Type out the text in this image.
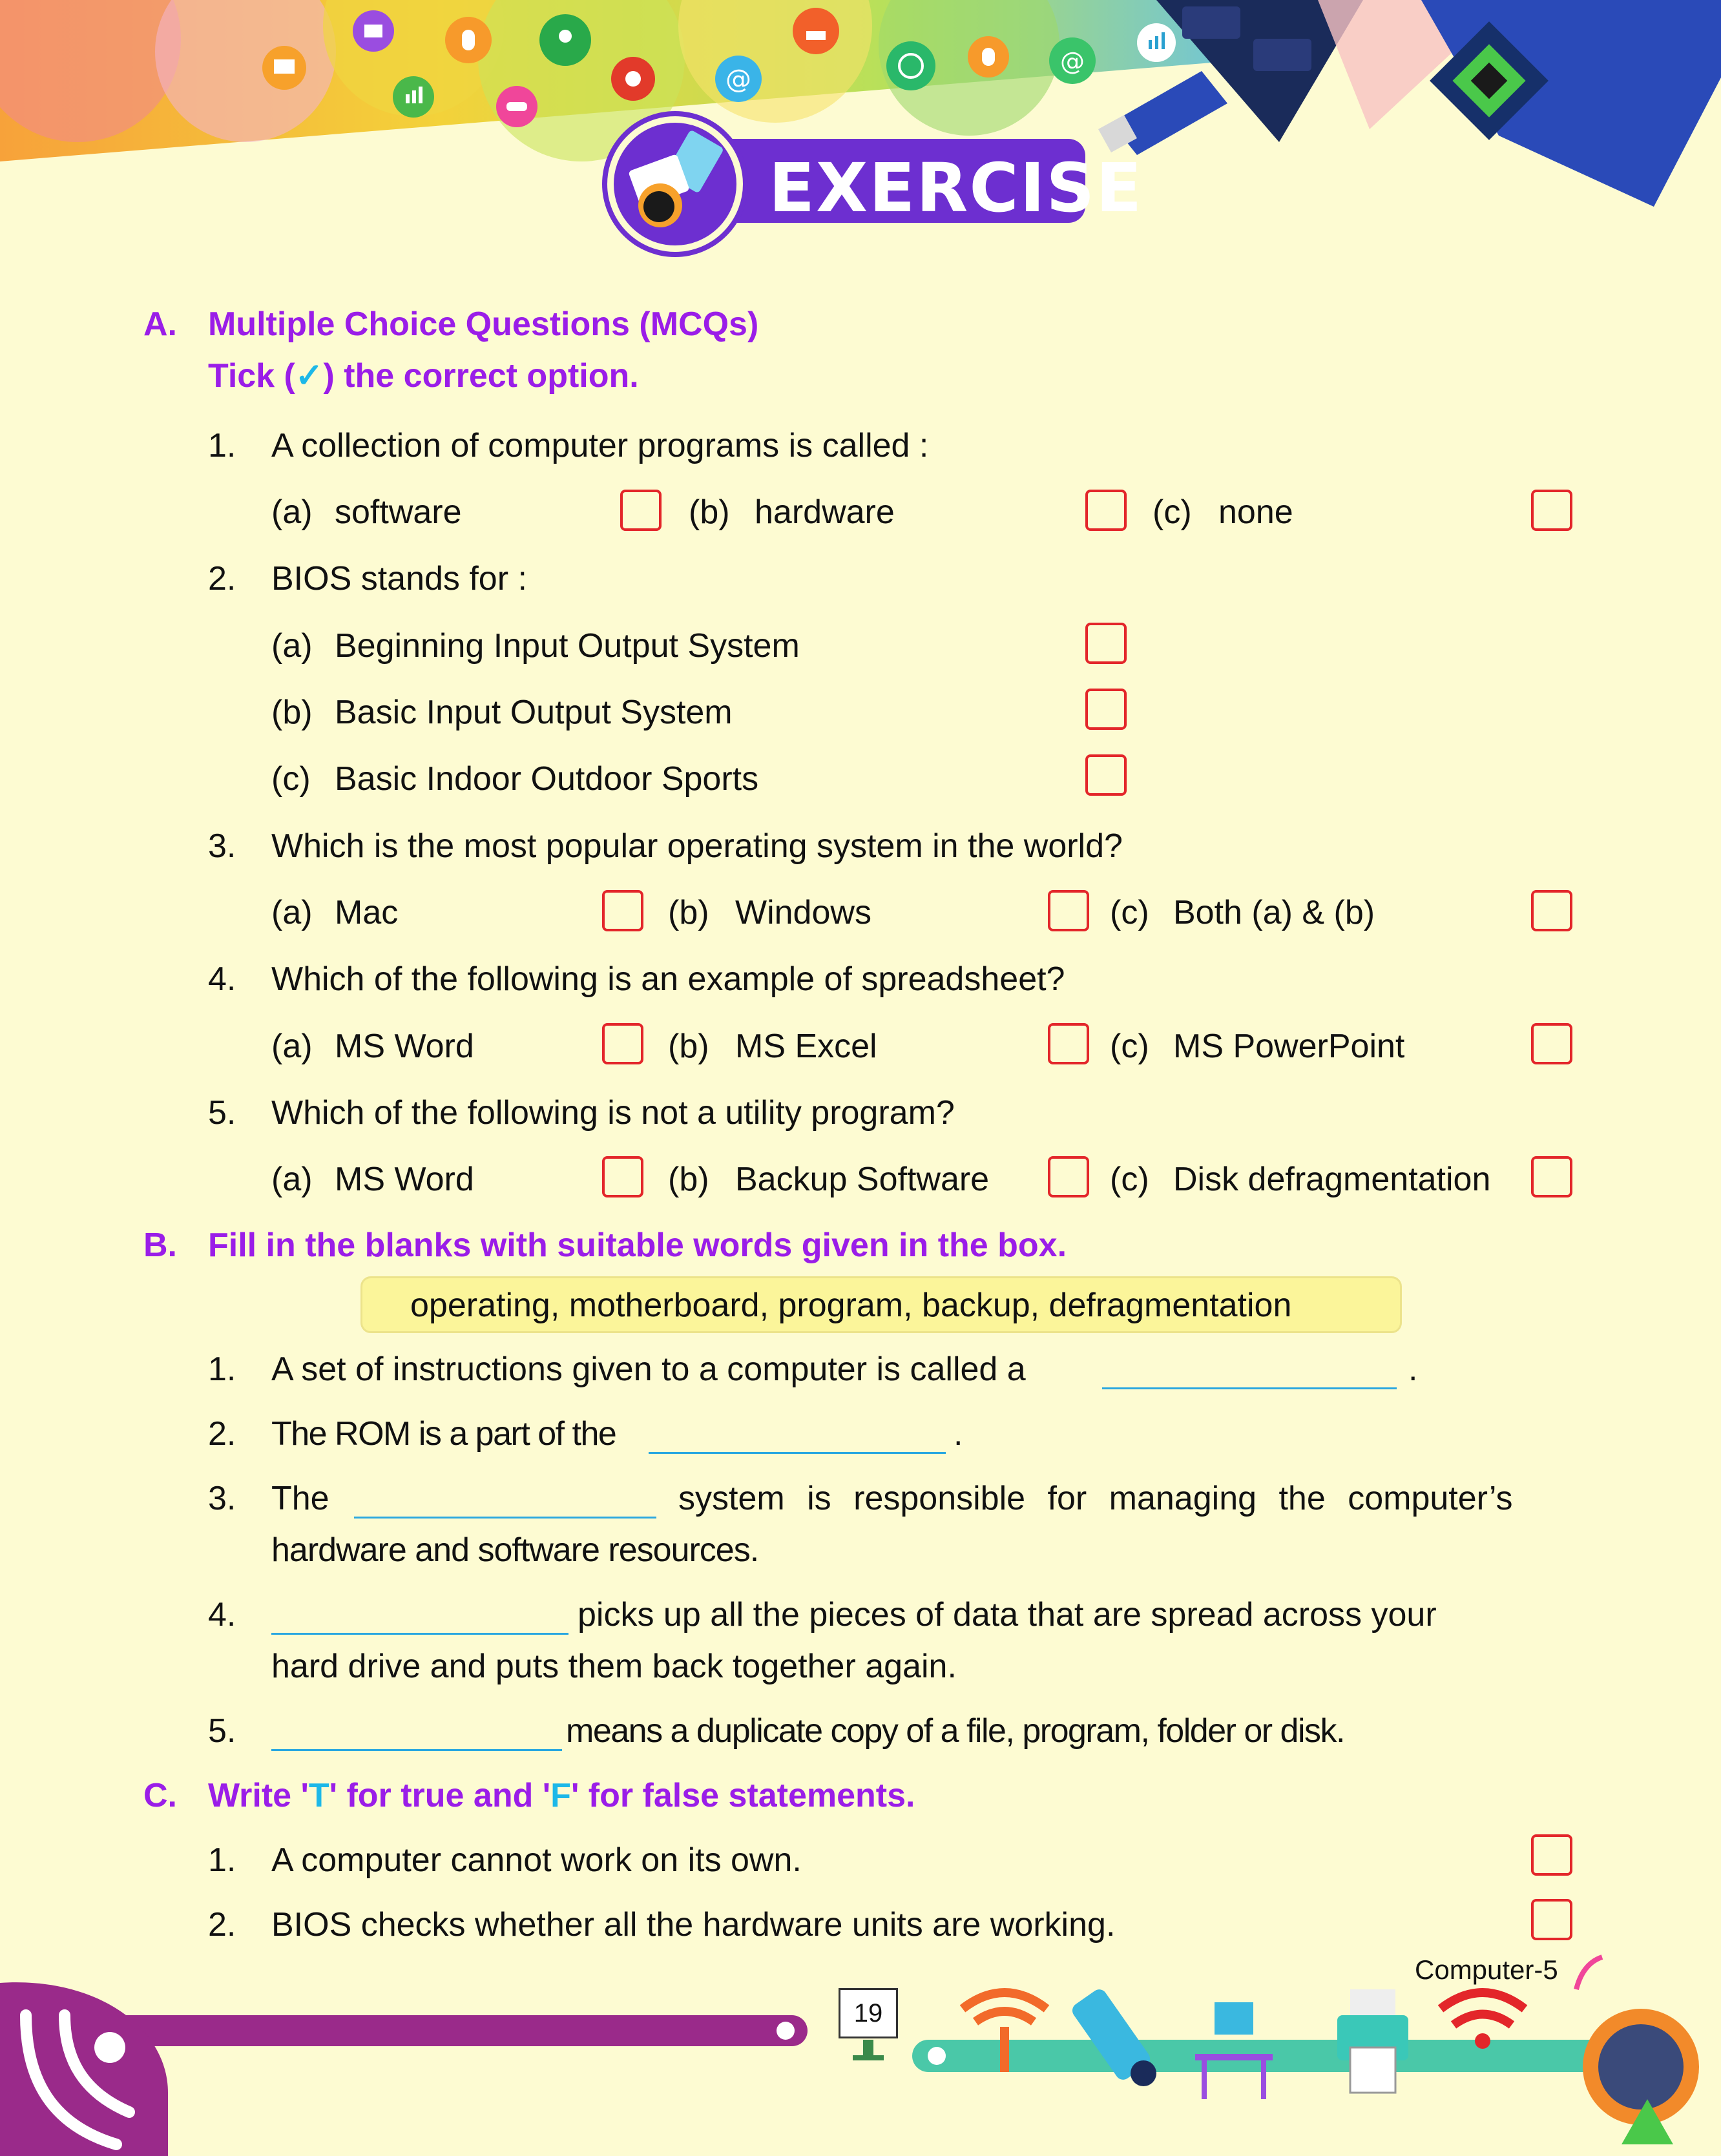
@
@
EXERCISE
A. Multiple Choice Questions (MCQs)
Tick (✓) the correct option.
1. A collection of computer programs is called :
(a) software	(b) hardware	(c) none
2. BIOS stands for :
(a) Beginning Input Output System
(b) Basic Input Output System
(c) Basic Indoor Outdoor Sports
3. Which is the most popular operating system in the world?
(a) Mac	(b) Windows	(c) Both (a) & (b)
4. Which of the following is an example of spreadsheet?
(a) MS Word	(b) MS Excel	(c) MS PowerPoint
5. Which of the following is not a utility program?
(a) MS Word	(b) Backup Software	(c) Disk defragmentation
B. Fill in the blanks with suitable words given in the box.
operating, motherboard, program, backup, defragmentation
1. A set of instructions given to a computer is called a	.
2. The ROM is a part of the	.
3. The	system is responsible for managing the computer’s
hardware and software resources.
4.	picks up all the pieces of data that are spread across your
hard drive and puts them back together again.
5.	means a duplicate copy of a file, program, folder or disk.
C. Write 'T' for true and 'F' for false statements.
1. A computer cannot work on its own.
2. BIOS checks whether all the hardware units are working.
19
Computer-5
